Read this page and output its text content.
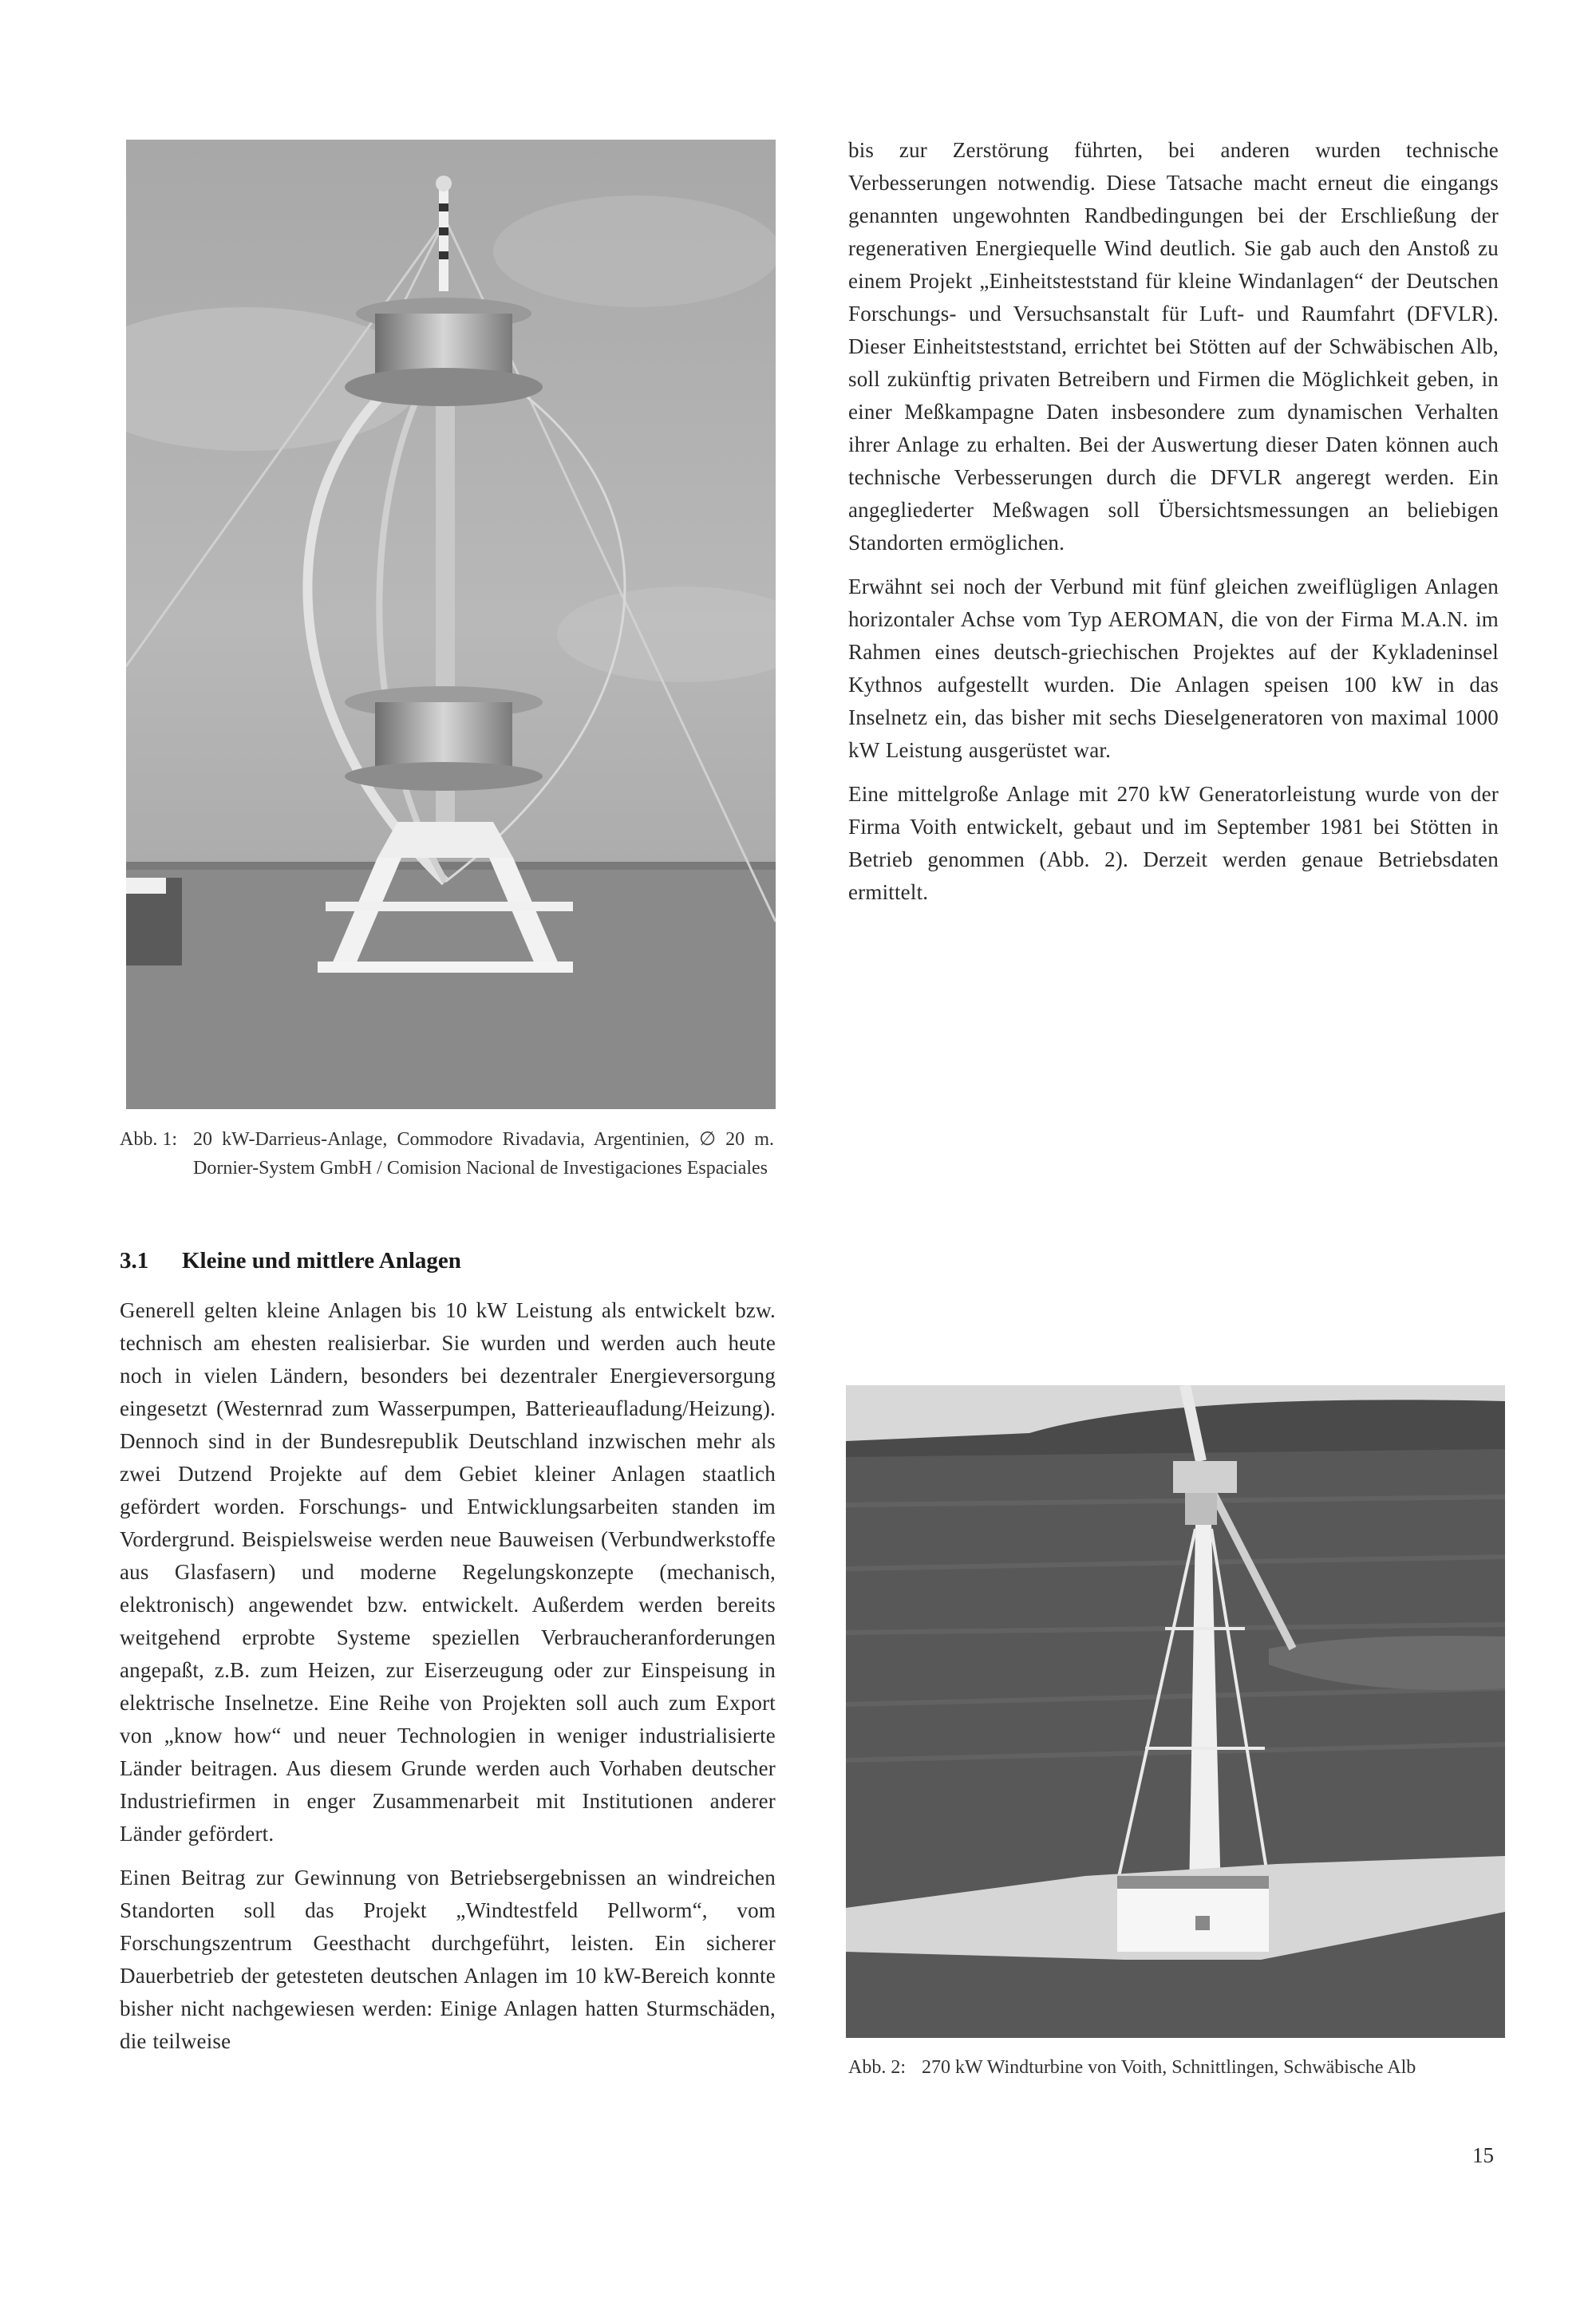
bis zur Zerstörung führten, bei anderen wurden technische Verbesserungen notwendig. Diese Tatsache macht erneut die eingangs genannten ungewohnten Randbedingungen bei der Erschließung der regenerativen Energiequelle Wind deutlich. Sie gab auch den Anstoß zu einem Projekt „Einheitsteststand für kleine Windanlagen“ der Deutschen Forschungs- und Versuchsanstalt für Luft- und Raumfahrt (DFVLR). Dieser Einheitsteststand, errichtet bei Stötten auf der Schwäbischen Alb, soll zukünftig privaten Betreibern und Firmen die Möglichkeit geben, in einer Meßkampagne Daten insbesondere zum dynamischen Verhalten ihrer Anlage zu erhalten. Bei der Auswertung dieser Daten können auch technische Verbesserungen durch die DFVLR angeregt werden. Ein angegliederter Meßwagen soll Übersichtsmessungen an beliebigen Standorten ermöglichen.

Erwähnt sei noch der Verbund mit fünf gleichen zweiflügligen Anlagen horizontaler Achse vom Typ AEROMAN, die von der Firma M.A.N. im Rahmen eines deutsch-griechischen Projektes auf der Kykladeninsel Kythnos aufgestellt wurden. Die Anlagen speisen 100 kW in das Inselnetz ein, das bisher mit sechs Dieselgeneratoren von maximal 1000 kW Leistung ausgerüstet war.

Eine mittelgroße Anlage mit 270 kW Generatorleistung wurde von der Firma Voith entwickelt, gebaut und im September 1981 bei Stötten in Betrieb genommen (Abb. 2). Derzeit werden genaue Betriebsdaten ermittelt.

Abb. 1: 20 kW-Darrieus-Anlage, Commodore Rivadavia, Argentinien, ∅ 20 m. Dornier-System GmbH / Comision Nacional de Investigaciones Espaciales
3.1 Kleine und mittlere Anlagen

Generell gelten kleine Anlagen bis 10 kW Leistung als entwickelt bzw. technisch am ehesten realisierbar. Sie wurden und werden auch heute noch in vielen Ländern, besonders bei dezentraler Energieversorgung eingesetzt (Westernrad zum Wasserpumpen, Batterieaufladung/Heizung). Dennoch sind in der Bundesrepublik Deutschland inzwischen mehr als zwei Dutzend Projekte auf dem Gebiet kleiner Anlagen staatlich gefördert worden. Forschungs- und Entwicklungsarbeiten standen im Vordergrund. Beispielsweise werden neue Bauweisen (Verbundwerkstoffe aus Glasfasern) und moderne Regelungskonzepte (mechanisch, elektronisch) angewendet bzw. entwickelt. Außerdem werden bereits weitgehend erprobte Systeme speziellen Verbraucheranforderungen angepaßt, z.B. zum Heizen, zur Eiserzeugung oder zur Einspeisung in elektrische Inselnetze. Eine Reihe von Projekten soll auch zum Export von „know how“ und neuer Technologien in weniger industrialisierte Länder beitragen. Aus diesem Grunde werden auch Vorhaben deutscher Industriefirmen in enger Zusammenarbeit mit Institutionen anderer Länder gefördert.

Einen Beitrag zur Gewinnung von Betriebsergebnissen an windreichen Standorten soll das Projekt „Windtestfeld Pellworm“, vom Forschungszentrum Geesthacht durchgeführt, leisten. Ein sicherer Dauerbetrieb der getesteten deutschen Anlagen im 10 kW-Bereich konnte bisher nicht nachgewiesen werden: Einige Anlagen hatten Sturmschäden, die teilweise

Abb. 2: 270 kW Windturbine von Voith, Schnittlingen, Schwäbische Alb
15
